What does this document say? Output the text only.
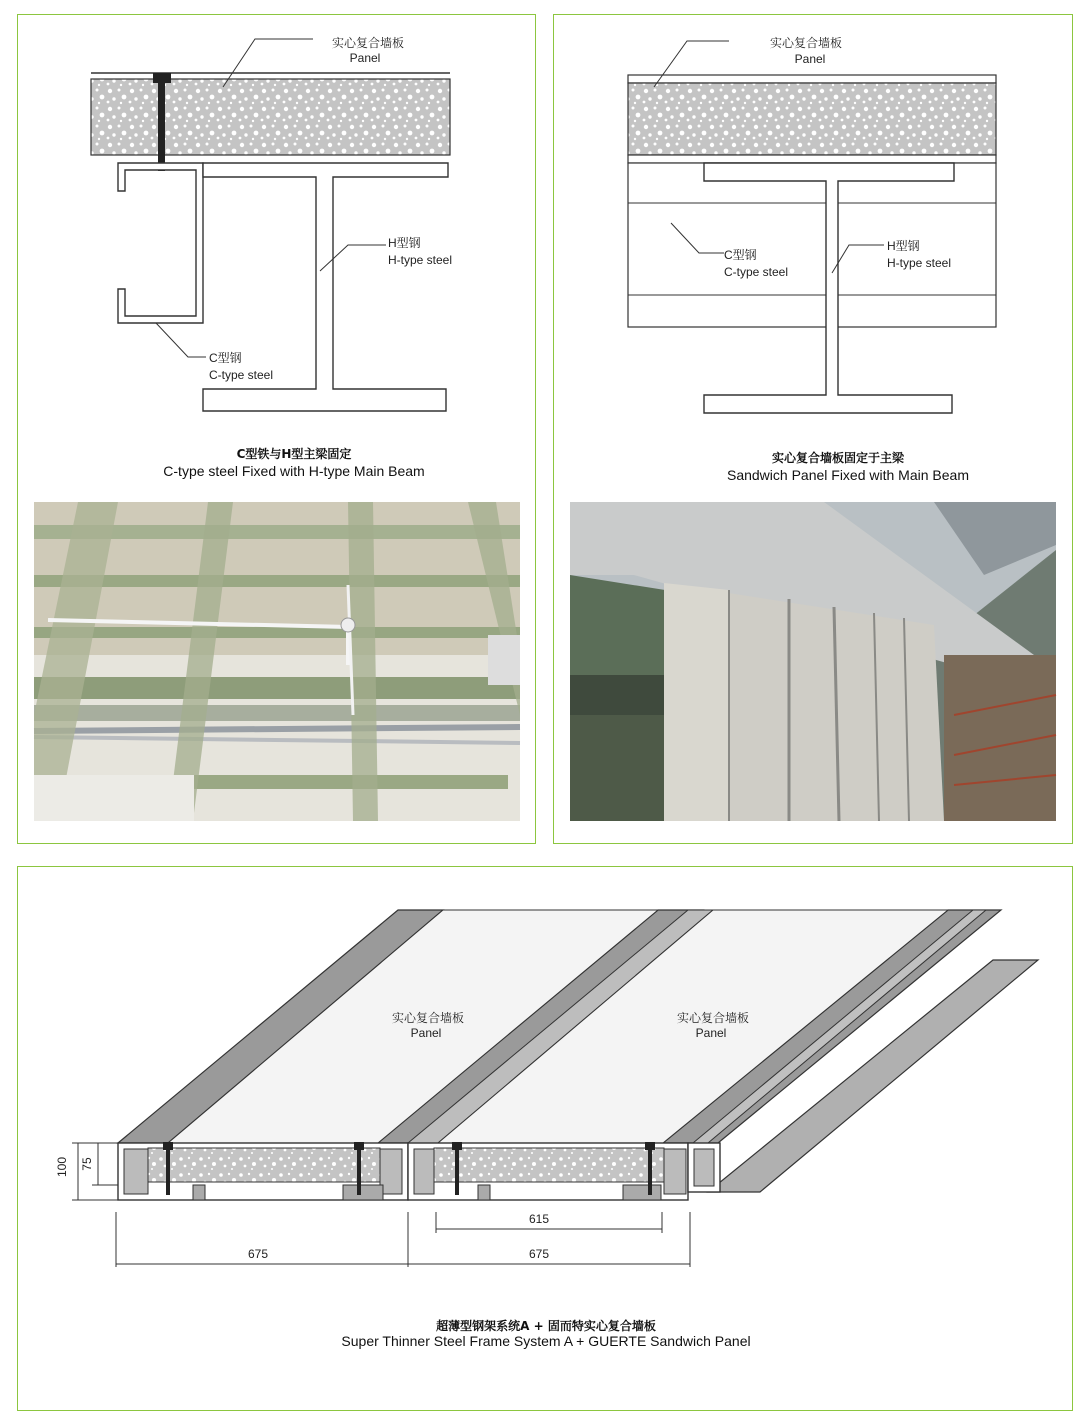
实心复合墙板
Panel
H型钢
H-type steel
C型钢
C-type steel
C型铁与H型主梁固定
C-type steel Fixed with H-type Main Beam
实心复合墙板
Panel
C型钢
C-type steel
H型钢
H-type steel
实心复合墙板固定于主梁
Sandwich Panel Fixed with Main Beam
实心复合墙板
Panel
实心复合墙板
Panel
100 75
615
675	675
超薄型钢架系统A + 固而特实心复合墙板
Super Thinner Steel Frame System A + GUERTE Sandwich Panel
